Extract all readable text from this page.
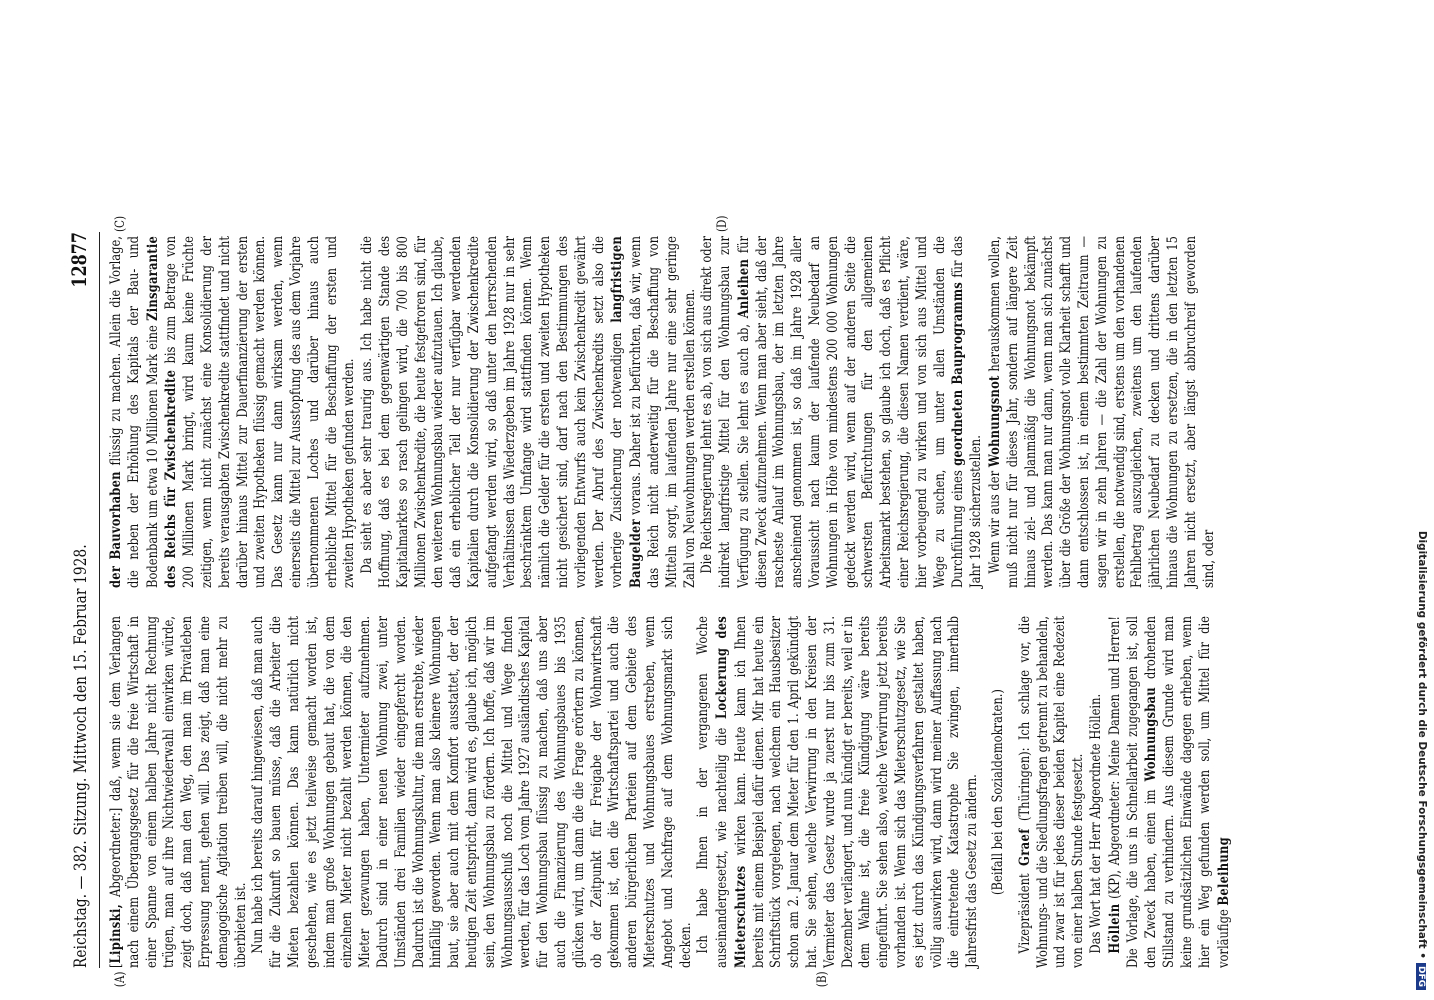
Reichstag. — 382. Sitzung. Mittwoch den 15. Februar 1928.
12877
(A)	(B)
(C)	(D)

[Lipinski, Abgeordneter:] daß, wenn sie dem Verlangen nach einem Übergangsgesetz für die freie Wirtschaft in einer Spanne von einem halben Jahre nicht Rechnung trügen, man auf ihre Nichtwiederwahl einwirken würde, zeigt doch, daß man den Weg, den man im Privatleben Erpressung nennt, gehen will. Das zeigt, daß man eine demagogische Agitation treiben will, die nicht mehr zu überbieten ist. Nun habe ich bereits darauf hingewiesen, daß man auch für die Zukunft so bauen müsse, daß die Arbeiter die Mieten bezahlen können. Das kann natürlich nicht geschehen, wie es jetzt teilweise gemacht worden ist, indem man große Wohnungen gebaut hat, die von dem einzelnen Mieter nicht bezahlt werden können, die den Mieter gezwungen haben, Untermieter aufzunehmen. Dadurch sind in einer neuen Wohnung zwei, unter Umständen drei Familien wieder eingepfercht worden. Dadurch ist die Wohnungskultur, die man erstrebte, wieder hinfällig geworden. Wenn man also kleinere Wohnungen baut, sie aber auch mit dem Komfort ausstattet, der der heutigen Zeit entspricht, dann wird es, glaube ich, möglich sein, den Wohnungsbau zu fördern. Ich hoffe, daß wir im Wohnungsausschuß noch die Mittel und Wege finden werden, für das Loch vom Jahre 1927 ausländisches Kapital für den Wohnungsbau flüssig zu machen, daß uns aber auch die Finanzierung des Wohnungsbaues bis 1935 glücken wird, um dann die die Frage erörtern zu können, ob der Zeitpunkt für Freigabe der Wohnwirtschaft gekommen ist, den die Wirtschaftspartei und auch die anderen bürgerlichen Parteien auf dem Gebiete des Mieterschutzes und Wohnungsbaues erstreben, wenn Angebot und Nachfrage auf dem Wohnungsmarkt sich decken. Ich habe Ihnen in der vergangenen Woche auseinandergesetzt, wie nachteilig die Lockerung des Mieterschutzes wirken kann. Heute kann ich Ihnen bereits mit einem Beispiel dafür dienen. Mir hat heute ein Schriftstück vorgelegen, nach welchem ein Hausbesitzer schon am 2. Januar dem Mieter für den 1. April gekündigt hat. Sie sehen, welche Verwirrung in den Kreisen der Vermieter das Gesetz wurde ja zuerst nur bis zum 31. Dezember verlängert, und nun kündigt er bereits, weil er in dem Wahne ist, die freie Kündigung wäre bereits eingeführt. Sie sehen also, welche Verwirrung jetzt bereits vorhanden ist. Wenn sich das Mieterschutzgesetz, wie Sie es jetzt durch das Kündigungsverfahren gestaltet haben, völlig auswirken wird, dann wird meiner Auffassung nach die eintretende Katastrophe Sie zwingen, innerhalb Jahresfrist das Gesetz zu ändern. (Beifall bei den Sozialdemokraten.)

Vizepräsident Graef (Thüringen): Ich schlage vor, die Wohnungs- und die Siedlungsfragen getrennt zu behandeln, und zwar ist für jedes dieser beiden Kapitel eine Redezeit von einer halben Stunde festgesetzt. Das Wort hat der Herr Abgeordnete Höllein. Höllein (KP), Abgeordneter: Meine Damen und Herren! Die Vorlage, die uns in Schnellarbeit zugegangen ist, soll den Zweck haben, einen im Wohnungsbau drohenden Stillstand zu verhindern. Aus diesem Grunde wird man keine grundsätzlichen Einwände dagegen erheben, wenn hier ein Weg gefunden werden soll, um Mittel für die vorläufige Beleihung

der Bauvorhaben flüssig zu machen. Allein die Vorlage, die neben der Erhöhung des Kapitals der Bau- und Bodenbank um etwa 10 Millionen Mark eine Zinsgarantie des Reichs für Zwischenkredite bis zum Betrage von 200 Millionen Mark bringt, wird kaum keine Früchte zeitigen, wenn nicht zunächst eine Konsolidierung der bereits verausgabten Zwischenkredite stattfindet und nicht darüber hinaus Mittel zur Dauerfinanzierung der ersten und zweiten Hypotheken flüssig gemacht werden können. Das Gesetz kann nur dann wirksam werden, wenn einerseits die Mittel zur Ausstopfung des aus dem Vorjahre übernommenen Loches und darüber hinaus auch erhebliche Mittel für die Beschaffung der ersten und zweiten Hypotheken gefunden werden. Da sieht es aber sehr traurig aus. Ich habe nicht die Hoffnung, daß es bei dem gegenwärtigen Stande des Kapitalmarktes so rasch gelingen wird, die 700 bis 800 Millionen Zwischenkredite, die heute festgefroren sind, für den weiteren Wohnungsbau wieder aufzutauen. Ich glaube, daß ein erheblicher Teil der nur verfügbar werdenden Kapitalien durch die Konsolidierung der Zwischenkredite aufgefangt werden wird, so daß unter den herrschenden Verhältnissen das Wiederzgeben im Jahre 1928 nur in sehr beschränktem Umfange wird stattfinden können. Wenn nämlich die Gelder für die ersten und zweiten Hypotheken nicht gesichert sind, darf nach den Bestimmungen des vorliegenden Entwurfs auch kein Zwischenkredit gewährt werden. Der Abruf des Zwischenkredits setzt also die vorherige Zusicherung der notwendigen langfristigen Baugelder voraus. Daher ist zu befürchten, daß wir, wenn das Reich nicht anderweitig für die Beschaffung von Mitteln sorgt, im laufenden Jahre nur eine sehr geringe Zahl von Neuwohnungen werden erstellen können. Die Reichsregierung lehnt es ab, von sich aus direkt oder indirekt langfristige Mittel für den Wohnungsbau zur Verfügung zu stellen. Sie lehnt es auch ab, Anleihen für diesen Zweck aufzunehmen. Wenn man aber sieht, daß der rascheste Anlauf im Wohnungsbau, der im letzten Jahre anscheinend genommen ist, so daß im Jahre 1928 aller Voraussicht nach kaum der laufende Neubedarf an Wohnungen in Höhe von mindestens 200 000 Wohnungen gedeckt werden wird, wenn auf der anderen Seite die schwersten Befürchtungen für den allgemeinen Arbeitsmarkt bestehen, so glaube ich doch, daß es Pflicht einer Reichsregierung, die diesen Namen verdient, wäre, hier vorbeugend zu wirken und von sich aus Mittel und Wege zu suchen, um unter allen Umständen die Durchführung eines geordneten Bauprogramms für das Jahr 1928 sicherzustellen. Wenn wir aus der Wohnungsnot herauskommen wollen, muß nicht nur für dieses Jahr, sondern auf längere Zeit hinaus ziel- und planmäßig die Wohnungsnot bekämpft werden. Das kann man nur dann, wenn man sich zunächst über die Größe der Wohnungsnot volle Klarheit schafft und dann entschlossen ist, in einem bestimmten Zeitraum — sagen wir in zehn Jahren — die Zahl der Wohnungen zu erstellen, die notwendig sind, erstens um den vorhandenen Fehlbetrag auszugleichen, zweitens um den laufenden jährlichen Neubedarf zu decken und drittens darüber hinaus die Wohnungen zu ersetzen, die in den letzten 15 Jahren nicht ersetzt, aber längst abbruchreif geworden sind, oder	Digitalisierung gefördert durch die Deutsche Forschungsgemeinschaft •DFG
